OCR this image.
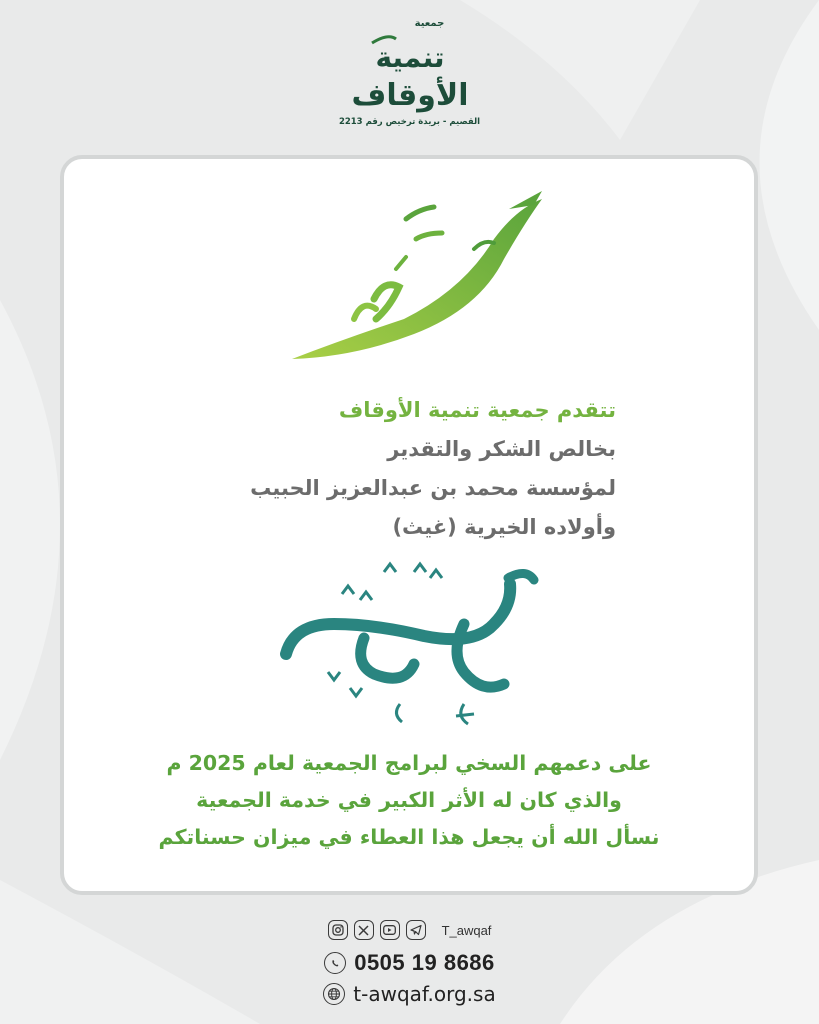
جمعية
تنمية
الأوقاف
القصيم - بريدة ترخيص رقم 2213
تتقدم جمعية تنمية الأوقاف
بخالص الشكر والتقدير
لمؤسسة محمد بن عبدالعزيز الحبيب
وأولاده الخيرية (غيث)
على دعمهم السخي لبرامج الجمعية لعام 2025 م
والذي كان له الأثر الكبير في خدمة الجمعية
نسأل الله أن يجعل هذا العطاء في ميزان حسناتكم
T_awqaf
0505 19 8686
t-awqaf.org.sa
